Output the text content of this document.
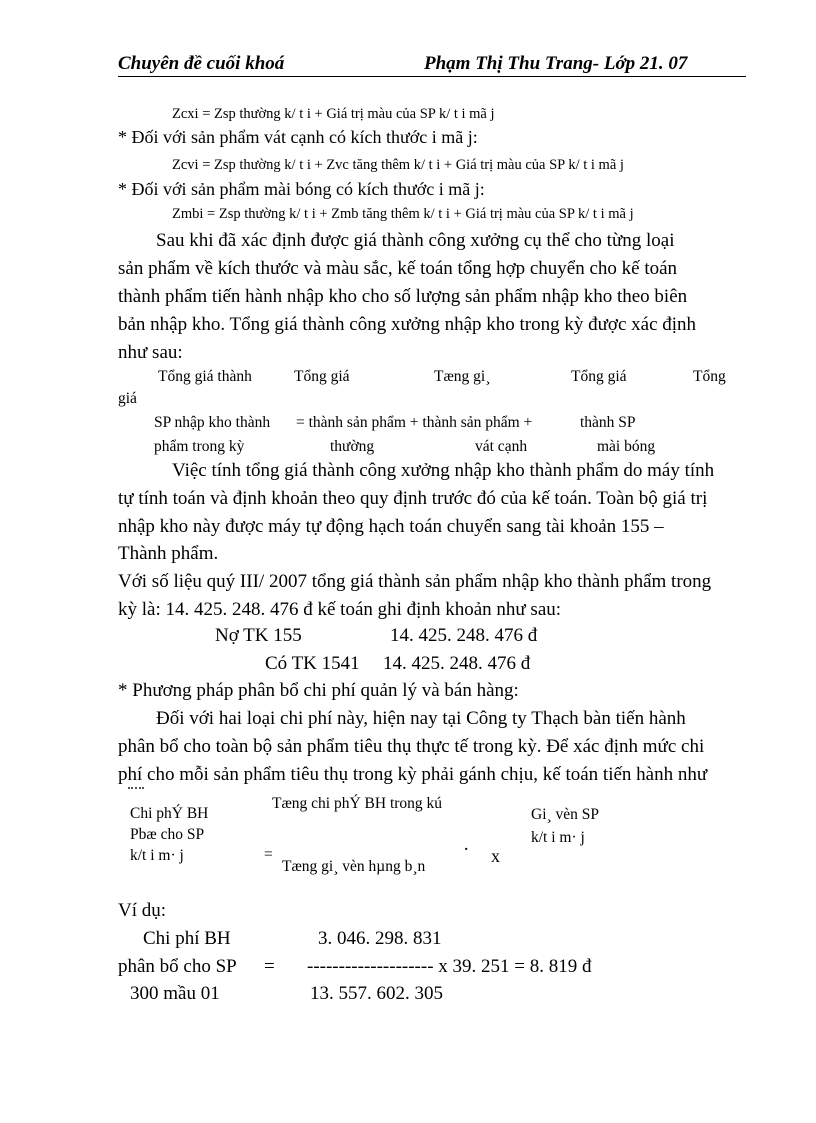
Chuyên đề cuối khoá	Phạm Thị Thu Trang- Lớp 21. 07
Zcxi = Zsp thường k/ t i + Giá trị màu của SP k/ t i mã j
* Đối với sản phẩm vát cạnh có kích thước i mã j:
Zcvi = Zsp thường k/ t i + Zvc tăng thêm k/ t i + Giá trị màu của SP k/ t i mã j
* Đối với sản phẩm mài bóng có kích thước i mã j:
Zmbi = Zsp thường k/ t i + Zmb tăng thêm k/ t i + Giá trị màu của SP k/ t i mã j
Sau khi đã xác định được giá thành công xưởng cụ thể cho từng loại
sản phẩm về kích thước và màu sắc, kế toán tổng hợp chuyển cho kế toán
thành phẩm tiến hành nhập kho cho số lượng sản phẩm nhập kho theo biên
bản nhập kho. Tổng giá thành công xưởng nhập kho trong kỳ được xác định
như sau:
Tổng giá thành	Tổng giá	Tæng gi¸	Tổng giá	Tổng
giá
SP nhập kho thành = thành sản phẩm + thành sản phẩm +	thành SP
phẩm trong kỳ	thường	vát cạnh	mài bóng
Việc tính tổng giá thành công xưởng nhập kho thành phẩm do máy tính
tự tính toán và định khoản theo quy định trước đó của kế toán. Toàn bộ giá trị
nhập kho này được máy tự động hạch toán chuyển sang tài khoản 155 –
Thành phẩm.
Với số liệu quý III/ 2007 tổng giá thành sản phẩm nhập kho thành phẩm trong
kỳ là: 14. 425. 248. 476 đ kế toán ghi định khoản như sau:
Nợ TK 155	14. 425. 248. 476 đ
Có TK 1541 14. 425. 248. 476 đ
* Phương pháp phân bổ chi phí quản lý và bán hàng:
Đối với hai loại chi phí này, hiện nay tại Công ty Thạch bàn tiến hành
phân bổ cho toàn bộ sản phẩm tiêu thụ thực tế trong kỳ. Để xác định mức chi
phí cho mỗi sản phẩm tiêu thụ trong kỳ phải gánh chịu, kế toán tiến hành như
Chi phÝ BH
Pbæ cho SP
k/t i m· j
Tæng chi phÝ BH trong kú
=
Tæng gi¸ vèn hµng b¸n
· x
Gi¸ vèn SP
k/t i m· j
Ví dụ:
Chi phí BH
phân bổ cho SP
300 mầu 01
3. 046. 298. 831
= -------------------- x 39. 251 = 8. 819 đ
13. 557. 602. 305
